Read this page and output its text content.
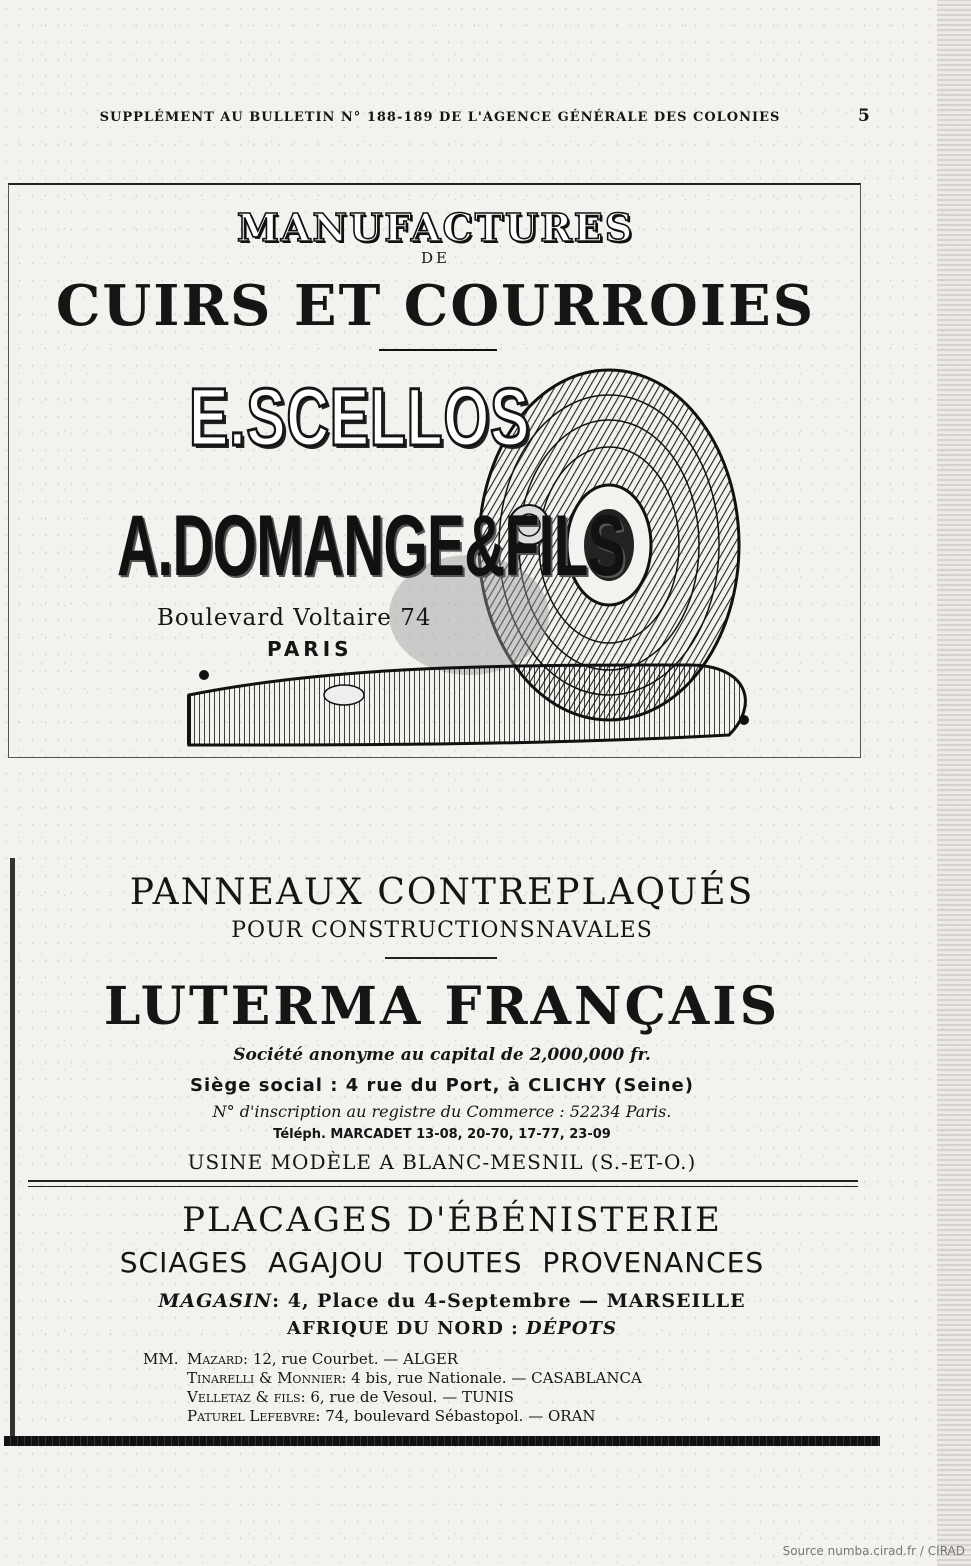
SUPPLÉMENT AU BULLETIN N° 188-189 DE L'AGENCE GÉNÉRALE DES COLONIES	5
MANUFACTURES
DE
CUIRS ET COURROIES
E.SCELLOS
A.DOMANGE&FILS
Boulevard Voltaire 74
PARIS
PANNEAUX CONTREPLAQUÉS
POUR CONSTRUCTIONSNAVALES
LUTERMA FRANÇAIS
Société anonyme au capital de 2,000,000 fr.
Siège social : 4 rue du Port, à CLICHY (Seine)
N° d'inscription au registre du Commerce : 52234 Paris.
Téléph. MARCADET 13-08, 20-70, 17-77, 23-09
USINE MODÈLE A BLANC-MESNIL (S.-ET-O.)
PLACAGES D'ÉBÉNISTERIE
SCIAGES AGAJOU TOUTES PROVENANCES
MAGASIN: 4, Place du 4-Septembre — MARSEILLE
AFRIQUE DU NORD : DÉPOTS
MM. Mazard: 12, rue Courbet. — ALGER
Tinarelli & Monnier: 4 bis, rue Nationale. — CASABLANCA
Velletaz & fils: 6, rue de Vesoul. — TUNIS
Paturel Lefebvre: 74, boulevard Sébastopol. — ORAN
Source numba.cirad.fr / CIRAD
